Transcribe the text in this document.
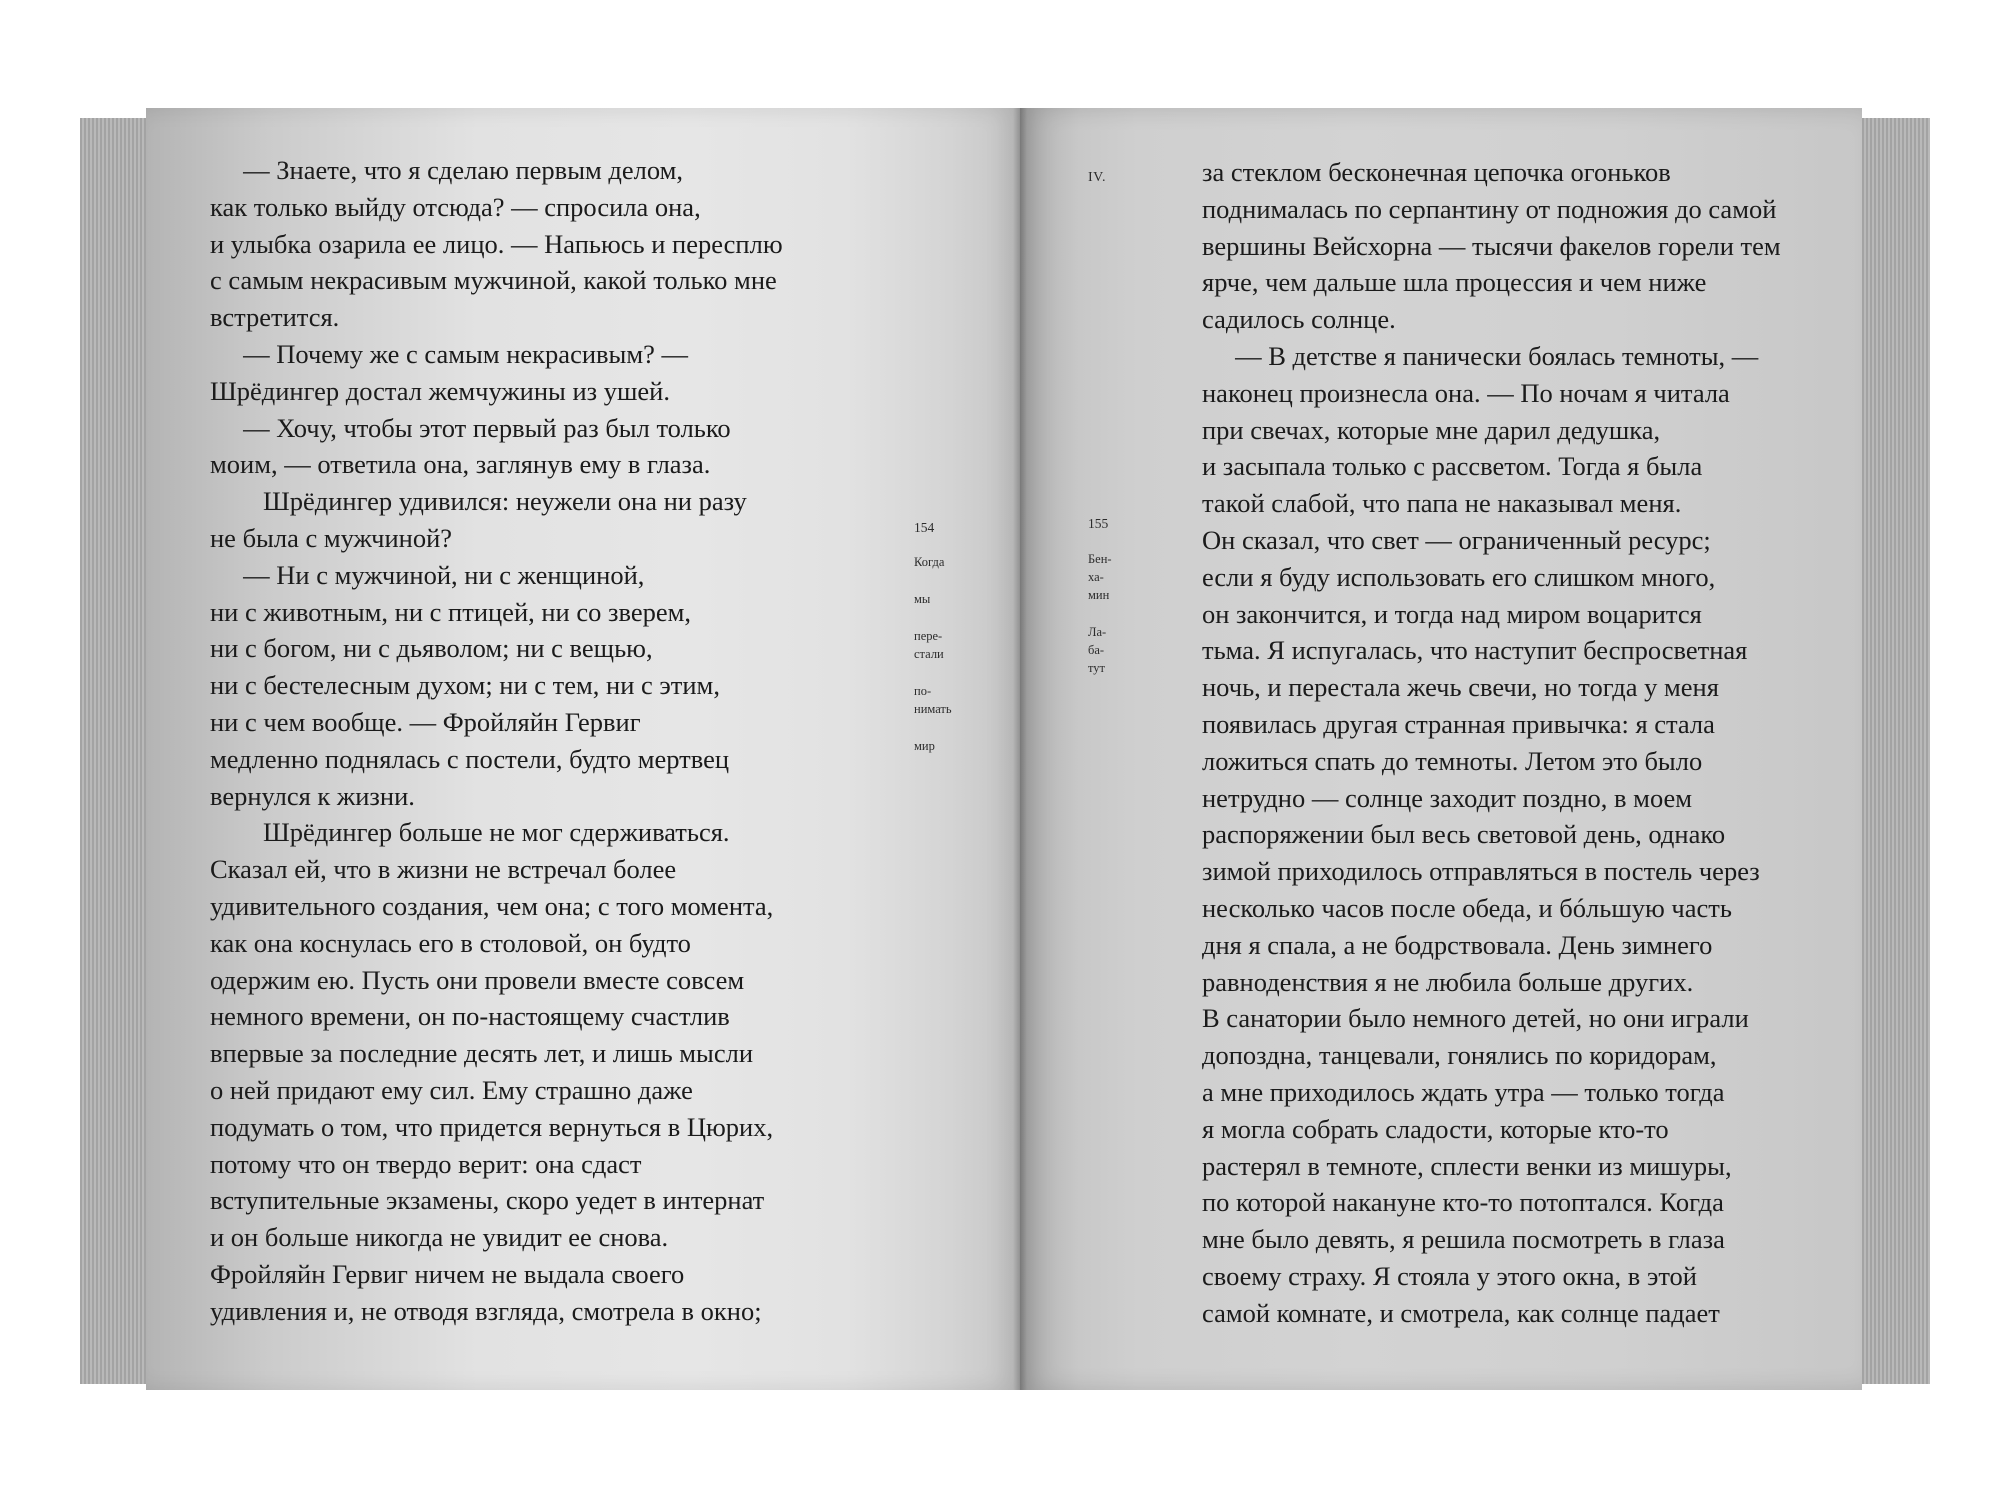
— Знаете, что я сделаю первым делом,
как только выйду отсюда? — спросила она,
и улыбка озарила ее лицо. — Напьюсь и пересплю
с самым некрасивым мужчиной, какой только мне
встретится.
— Почему же с самым некрасивым? —
Шрёдингер достал жемчужины из ушей.
— Хочу, чтобы этот первый раз был только
моим, — ответила она, заглянув ему в глаза.
Шрёдингер удивился: неужели она ни разу
не была с мужчиной?
— Ни с мужчиной, ни с женщиной,
ни с животным, ни с птицей, ни со зверем,
ни с богом, ни с дьяволом; ни с вещью,
ни с бестелесным духом; ни с тем, ни с этим,
ни с чем вообще. — Фройляйн Гервиг
медленно поднялась с постели, будто мертвец
вернулся к жизни.
Шрёдингер больше не мог сдерживаться.
Сказал ей, что в жизни не встречал более
удивительного создания, чем она; с того момента,
как она коснулась его в столовой, он будто
одержим ею. Пусть они провели вместе совсем
немного времени, он по-настоящему счастлив
впервые за последние десять лет, и лишь мысли
о ней придают ему сил. Ему страшно даже
подумать о том, что придется вернуться в Цюрих,
потому что он твердо верит: она сдаст
вступительные экзамены, скоро уедет в интернат
и он больше никогда не увидит ее снова.
Фройляйн Гервиг ничем не выдала своего
удивления и, не отводя взгляда, смотрела в окно;
154
Когда
мы
пере-
стали
по-
нимать
мир
IV.
155
Бен-
ха-
мин
Ла-
ба-
тут
за стеклом бесконечная цепочка огоньков
поднималась по серпантину от подножия до самой
вершины Вейсхорна — тысячи факелов горели тем
ярче, чем дальше шла процессия и чем ниже
садилось солнце.
— В детстве я панически боялась темноты, —
наконец произнесла она. — По ночам я читала
при свечах, которые мне дарил дедушка,
и засыпала только с рассветом. Тогда я была
такой слабой, что папа не наказывал меня.
Он сказал, что свет — ограниченный ресурс;
если я буду использовать его слишком много,
он закончится, и тогда над миром воцарится
тьма. Я испугалась, что наступит беспросветная
ночь, и перестала жечь свечи, но тогда у меня
появилась другая странная привычка: я стала
ложиться спать до темноты. Летом это было
нетрудно — солнце заходит поздно, в моем
распоряжении был весь световой день, однако
зимой приходилось отправляться в постель через
несколько часов после обеда, и бóльшую часть
дня я спала, а не бодрствовала. День зимнего
равноденствия я не любила больше других.
В санатории было немного детей, но они играли
допоздна, танцевали, гонялись по коридорам,
а мне приходилось ждать утра — только тогда
я могла собрать сладости, которые кто-то
растерял в темноте, сплести венки из мишуры,
по которой накануне кто-то потоптался. Когда
мне было девять, я решила посмотреть в глаза
своему страху. Я стояла у этого окна, в этой
самой комнате, и смотрела, как солнце падает
